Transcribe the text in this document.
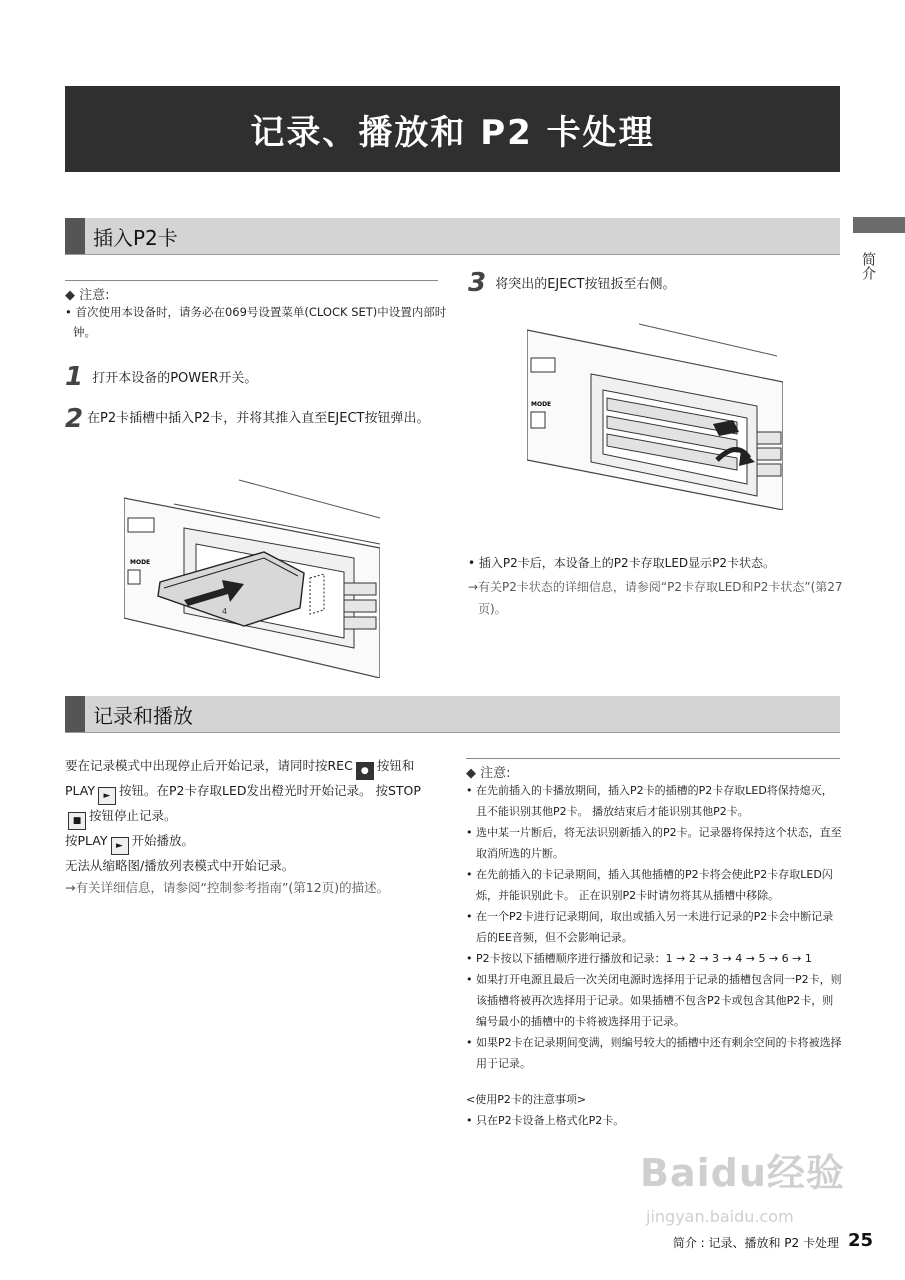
记录、播放和 P2 卡处理
简介
插入P2卡
◆ 注意:
• 首次使用本设备时，请务必在069号设置菜单(CLOCK SET)中设置内部时钟。
1 打开本设备的POWER开关。
2 在P2卡插槽中插入P2卡，并将其推入直至EJECT按钮弹出。
MODE
4
3 将突出的EJECT按钮扳至右侧。
MODE
• 插入P2卡后，本设备上的P2卡存取LED显示P2卡状态。
→有关P2卡状态的详细信息，请参阅“P2卡存取LED和P2卡状态”(第27页)。
记录和播放
要在记录模式中出现停止后开始记录，请同时按REC ● 按钮和PLAY ► 按钮。在P2卡存取LED发出橙光时开始记录。 按STOP■ 按钮停止记录。
按PLAY ► 开始播放。
无法从缩略图/播放列表模式中开始记录。
→有关详细信息，请参阅“控制参考指南”(第12页)的描述。
◆ 注意:
• 在先前插入的卡播放期间，插入P2卡的插槽的P2卡存取LED将保持熄灭，且不能识别其他P2卡。 播放结束后才能识别其他P2卡。
• 选中某一片断后，将无法识别新插入的P2卡。记录器将保持这个状态，直至取消所选的片断。
• 在先前插入的卡记录期间，插入其他插槽的P2卡将会使此P2卡存取LED闪烁，并能识别此卡。 正在识别P2卡时请勿将其从插槽中移除。
• 在一个P2卡进行记录期间，取出或插入另一未进行记录的P2卡会中断记录后的EE音频，但不会影响记录。
• P2卡按以下插槽顺序进行播放和记录：1 → 2 → 3 → 4 → 5 → 6 → 1
• 如果打开电源且最后一次关闭电源时选择用于记录的插槽包含同一P2卡，则该插槽将被再次选择用于记录。如果插槽不包含P2卡或包含其他P2卡，则编号最小的插槽中的卡将被选择用于记录。
• 如果P2卡在记录期间变满，则编号较大的插槽中还有剩余空间的卡将被选择用于记录。
<使用P2卡的注意事项>
• 只在P2卡设备上格式化P2卡。
Baidu经验
jingyan.baidu.com
简介 : 记录、播放和 P2 卡处理 25
